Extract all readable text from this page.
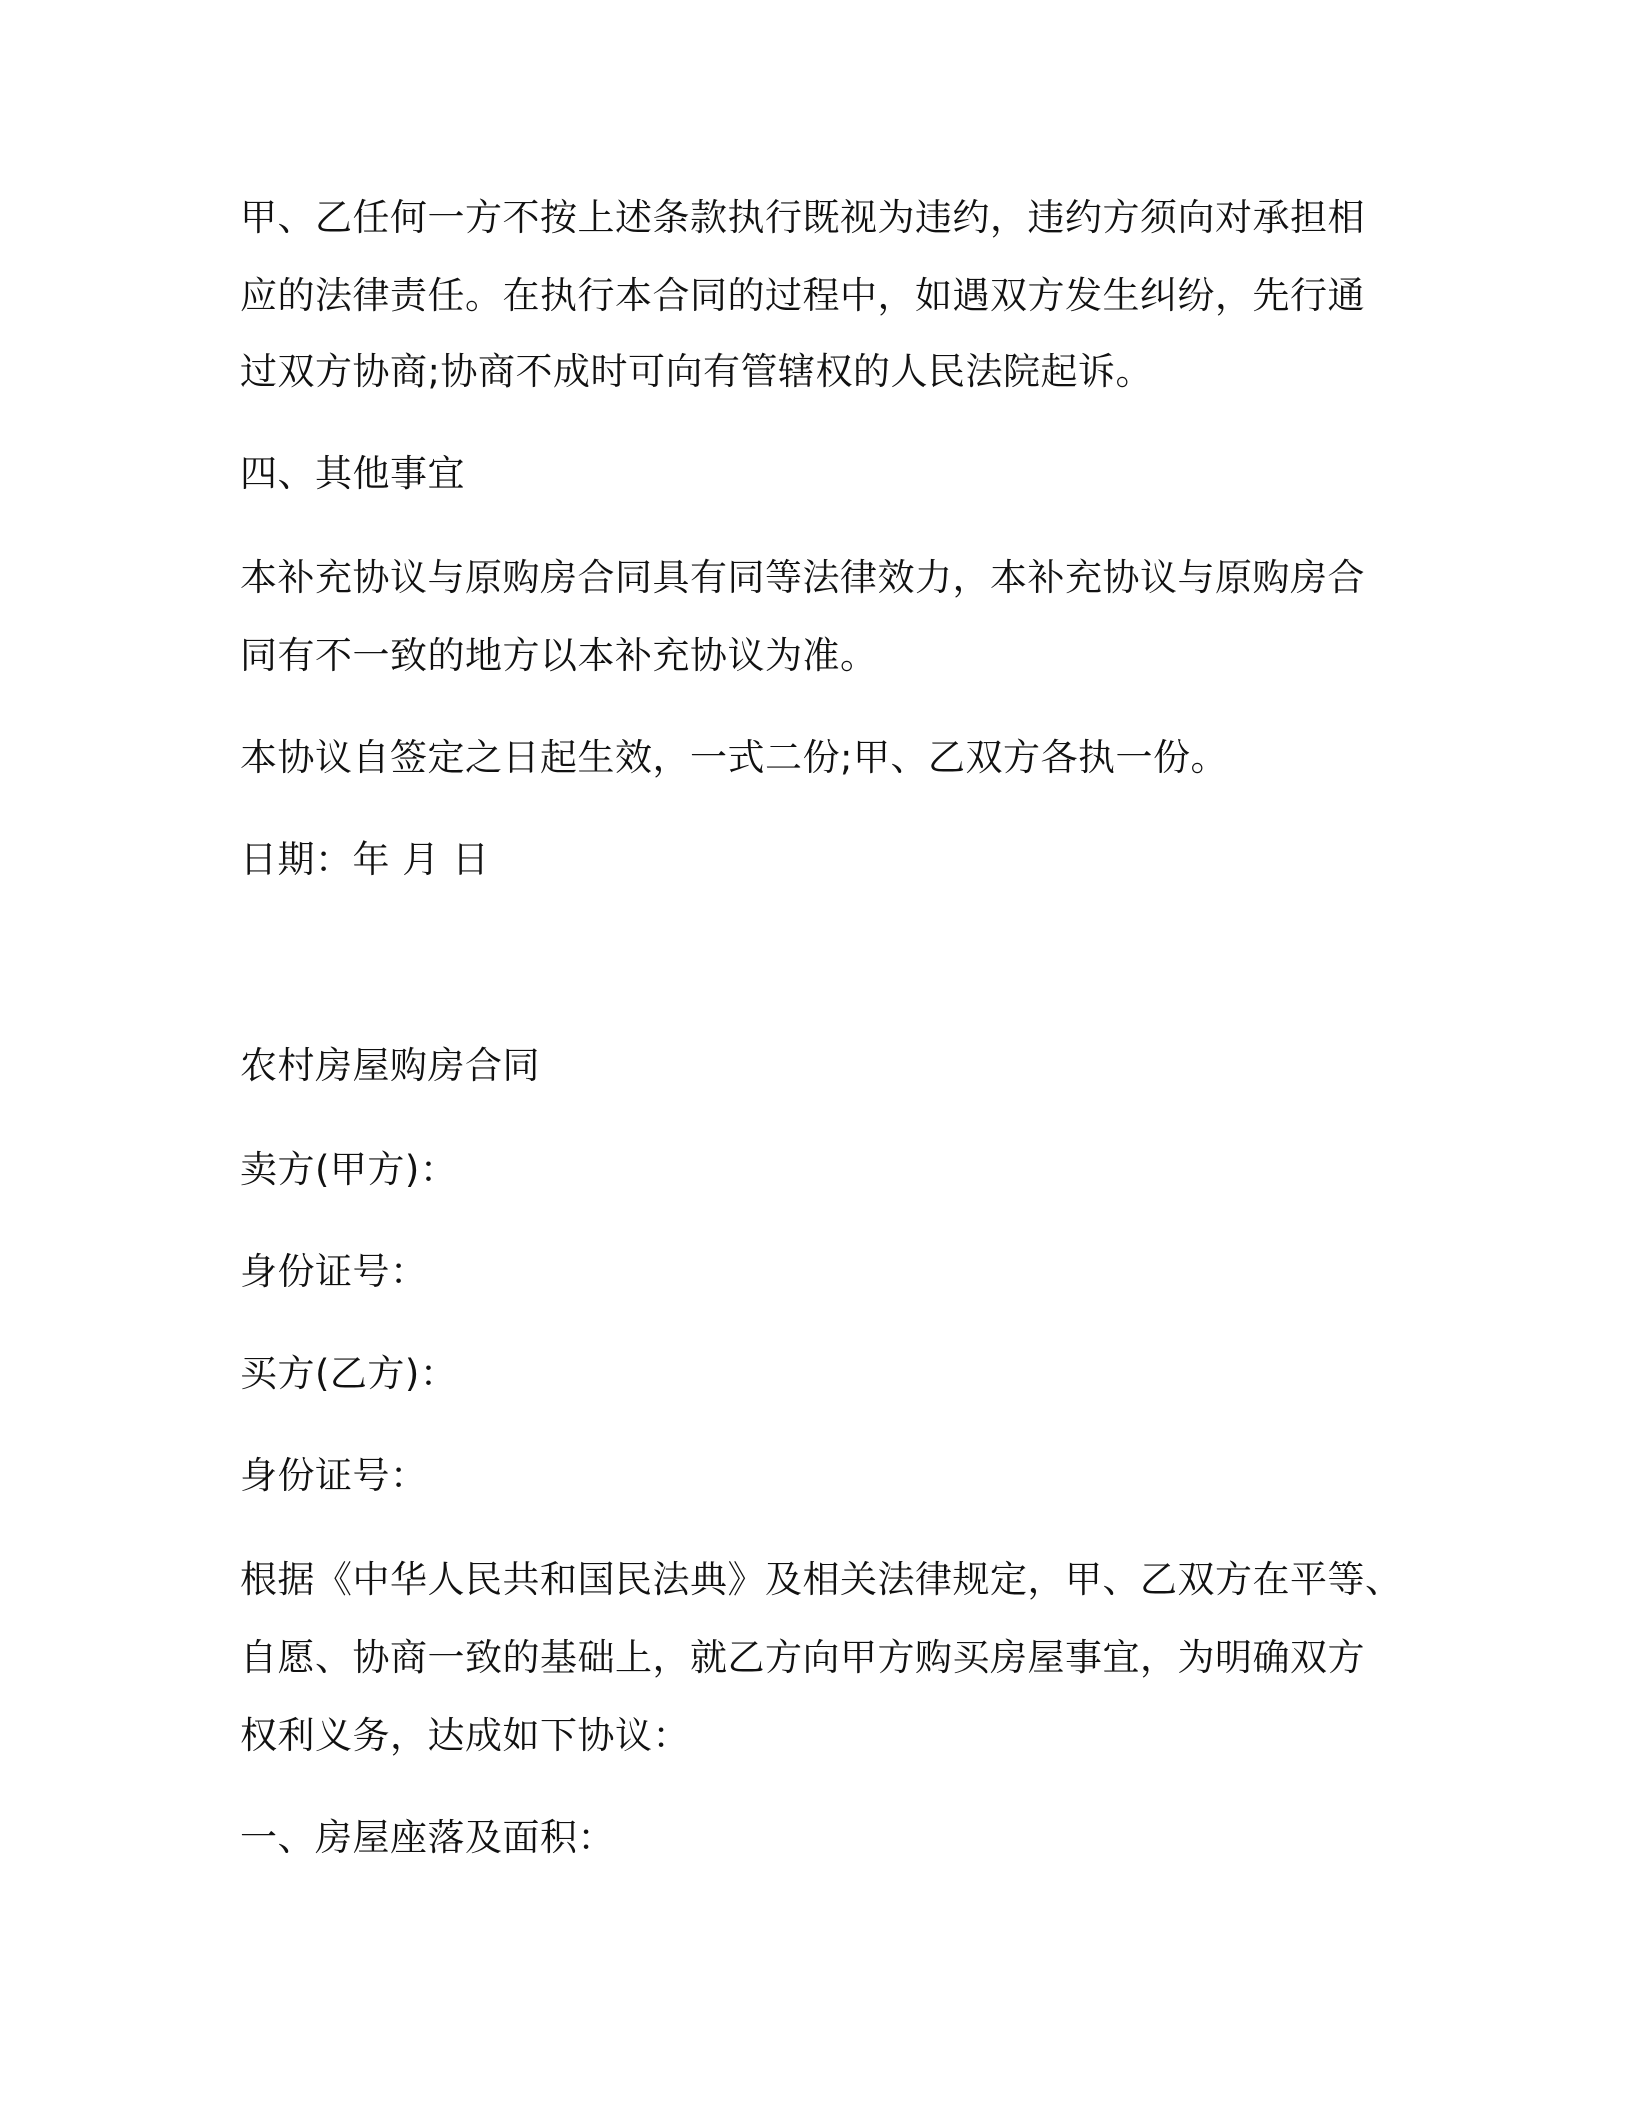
甲、乙任何一方不按上述条款执行既视为违约，违约方须向对承担相

应的法律责任。在执行本合同的过程中，如遇双方发生纠纷，先行通

过双方协商;协商不成时可向有管辖权的人民法院起诉。

四、其他事宜

本补充协议与原购房合同具有同等法律效力，本补充协议与原购房合

同有不一致的地方以本补充协议为准。

本协议自签定之日起生效，一式二份;甲、乙双方各执一份。

日期：年 月 日

农村房屋购房合同

卖方(甲方)：

身份证号：

买方(乙方)：

身份证号：

根据《中华人民共和国民法典》及相关法律规定，甲、乙双方在平等、

自愿、协商一致的基础上，就乙方向甲方购买房屋事宜，为明确双方

权利义务，达成如下协议：

一、房屋座落及面积：
